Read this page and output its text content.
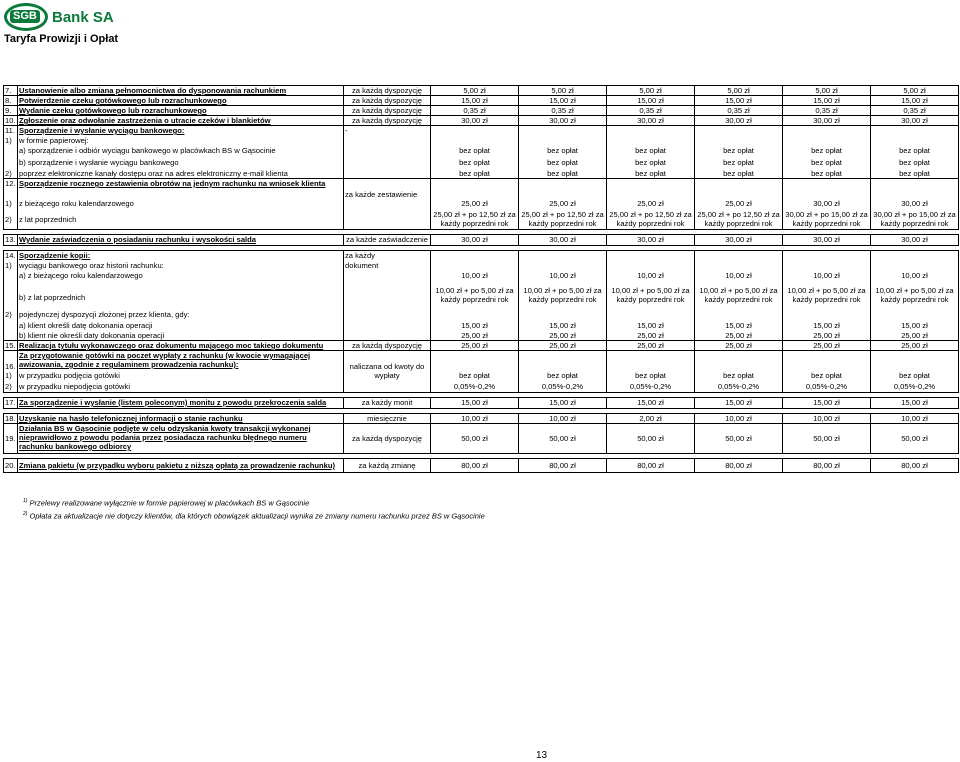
SGB Bank SA
Taryfa Prowizji i Opłat
7.	Ustanowienie albo zmiana pełnomocnictwa do dysponowania rachunkiem	za każdą dyspozycję	5,00 zł	5,00 zł	5,00 zł	5,00 zł	5,00 zł	5,00 zł
8.	Potwierdzenie czeku gotówkowego lub rozrachunkowego	za każdą dyspozycję	15,00 zł	15,00 zł	15,00 zł	15,00 zł	15,00 zł	15,00 zł
9.	Wydanie czeku gotówkowego lub rozrachunkowego	za każdą dyspozycję	0,35 zł	0,35 zł	0,35 zł	0,35 zł	0,35 zł	0,35 zł
10.	Zgłoszenie oraz odwołanie zastrzeżenia o utracie czeków i blankietów	za każdą dyspozycję	30,00 zł	30,00 zł	30,00 zł	30,00 zł	30,00 zł	30,00 zł
11.	Sporządzenie i wysłanie wyciągu bankowego:	-						
1)	w formie papierowej:							
	a) sporządzenie i odbiór wyciągu bankowego w placówkach BS w Gąsocinie		bez opłat	bez opłat	bez opłat	bez opłat	bez opłat	bez opłat
	b) sporządzenie i wysłanie wyciągu bankowego		bez opłat	bez opłat	bez opłat	bez opłat	bez opłat	bez opłat
2)	poprzez elektroniczne kanały dostępu oraz na adres elektroniczny e-mail klienta		bez opłat	bez opłat	bez opłat	bez opłat	bez opłat	bez opłat
12.	Sporządzenie rocznego zestawienia obrotów na jednym rachunku na wniosek klienta	za każde zestawienie						
1)	z bieżącego roku kalendarzowego		25,00 zł	25,00 zł	25,00 zł	25,00 zł	30,00 zł	30,00 zł
2)	z lat poprzednich		25,00 zł + po 12,50 zł za każdy poprzedni rok	25,00 zł + po 12,50 zł za każdy poprzedni rok	25,00 zł + po 12,50 zł za każdy poprzedni rok	25,00 zł + po 12,50 zł za każdy poprzedni rok	30,00 zł + po 15,00 zł za każdy poprzedni rok	30,00 zł + po 15,00 zł za każdy poprzedni rok

13.	Wydanie zaświadczenia o posiadaniu rachunku i wysokości salda	za każde zaświadczenie	30,00 zł	30,00 zł	30,00 zł	30,00 zł	30,00 zł	30,00 zł

14.	Sporządzenie kopii:	za każdy						
1)	wyciągu bankowego oraz historii rachunku:	dokument						
	a) z bieżącego roku kalendarzowego		10,00 zł	10,00 zł	10,00 zł	10,00 zł	10,00 zł	10,00 zł
	b) z lat poprzednich		10,00 zł + po 5,00 zł za każdy poprzedni rok	10,00 zł + po 5,00 zł za każdy poprzedni rok	10,00 zł + po 5,00 zł za każdy poprzedni rok	10,00 zł + po 5,00 zł za każdy poprzedni rok	10,00 zł + po 5,00 zł za każdy poprzedni rok	10,00 zł + po 5,00 zł za każdy poprzedni rok
2)	pojedynczej dyspozycji złożonej przez klienta, gdy:							
	a) klient określi datę dokonania operacji		15,00 zł	15,00 zł	15,00 zł	15,00 zł	15,00 zł	15,00 zł
	b) klient nie określi daty dokonania operacji		25,00 zł	25,00 zł	25,00 zł	25,00 zł	25,00 zł	25,00 zł
15.	Realizacja tytułu wykonawczego oraz dokumentu mającego moc takiego dokumentu	za każdą dyspozycję	25,00 zł	25,00 zł	25,00 zł	25,00 zł	25,00 zł	25,00 zł
16.	Za przygotowanie gotówki na poczet wypłaty z rachunku (w kwocie wymagającej awizowania, zgodnie z regulaminem prowadzenia rachunku):	naliczana od kwoty do						
1)	w przypadku podjęcia gotówki	wypłaty	bez opłat	bez opłat	bez opłat	bez opłat	bez opłat	bez opłat
2)	w przypadku niepodjęcia gotówki		0,05%-0,2%	0,05%-0,2%	0,05%-0,2%	0,05%-0,2%	0,05%-0,2%	0,05%-0,2%

17.	Za sporządzenie i wysłanie (listem poleconym) monitu z powodu przekroczenia salda	za każdy monit	15,00 zł	15,00 zł	15,00 zł	15,00 zł	15,00 zł	15,00 zł

18.	Uzyskanie na hasło telefonicznej informacji o stanie rachunku	miesięcznie	10,00 zł	10,00 zł	2,00 zł	10,00 zł	10,00 zł	10,00 zł
19.	Działania BS w Gąsocinie podjęte w celu odzyskania kwoty transakcji wykonanej nieprawidłowo z powodu podania przez posiadacza rachunku błędnego numeru rachunku bankowego odbiorcy	za każdą dyspozycję	50,00 zł	50,00 zł	50,00 zł	50,00 zł	50,00 zł	50,00 zł

20.	Zmiana pakietu (w przypadku wyboru pakietu z niższą opłatą za prowadzenie rachunku)	za każdą zmianę	80,00 zł	80,00 zł	80,00 zł	80,00 zł	80,00 zł	80,00 zł
$^{1)}$ Przelewy realizowane wyłącznie w formie papierowej w placówkach BS w Gąsocinie
$^{2)}$ Opłata za aktualizacje nie dotyczy klientów, dla których obowiązek aktualizacji wynika ze zmiany numeru rachunku przez BS w Gąsocinie
13
